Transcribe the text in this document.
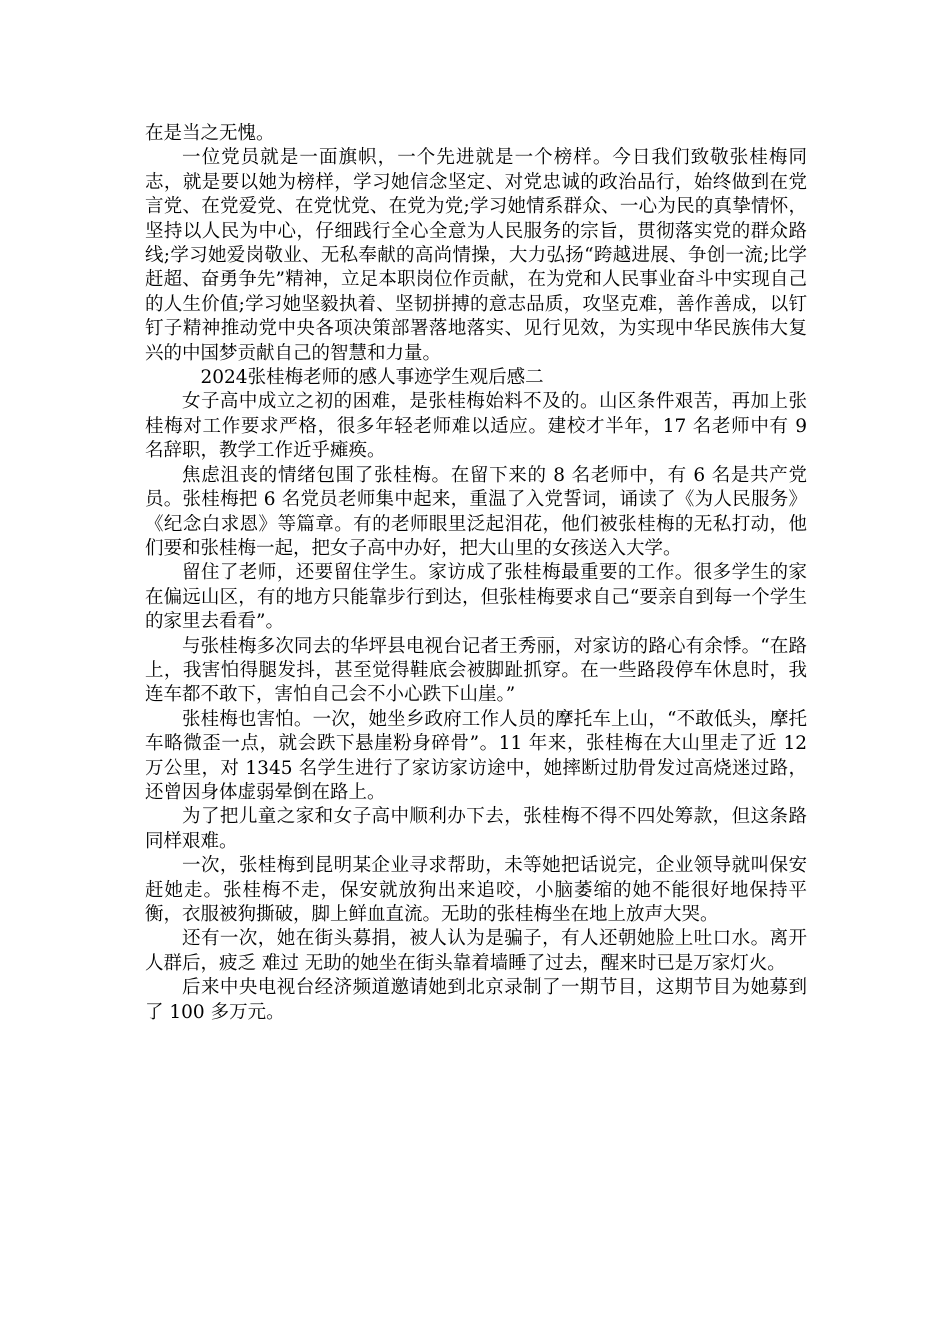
在是当之无愧。

一位党员就是一面旗帜，一个先进就是一个榜样。今日我们致敬张桂梅同志，就是要以她为榜样，学习她信念坚定、对党忠诚的政治品行，始终做到在党言党、在党爱党、在党忧党、在党为党;学习她情系群众、一心为民的真挚情怀，坚持以人民为中心，仔细践行全心全意为人民服务的宗旨，贯彻落实党的群众路线;学习她爱岗敬业、无私奉献的高尚情操，大力弘扬“跨越进展、争创一流;比学赶超、奋勇争先”精神，立足本职岗位作贡献，在为党和人民事业奋斗中实现自己的人生价值;学习她坚毅执着、坚韧拼搏的意志品质，攻坚克难，善作善成，以钉钉子精神推动党中央各项决策部署落地落实、见行见效，为实现中华民族伟大复兴的中国梦贡献自己的智慧和力量。

2024张桂梅老师的感人事迹学生观后感二

女子高中成立之初的困难，是张桂梅始料不及的。山区条件艰苦，再加上张桂梅对工作要求严格，很多年轻老师难以适应。建校才半年，17 名老师中有 9 名辞职，教学工作近乎瘫痪。

焦虑沮丧的情绪包围了张桂梅。在留下来的 8 名老师中，有 6 名是共产党员。张桂梅把 6 名党员老师集中起来，重温了入党誓词，诵读了《为人民服务》《纪念白求恩》等篇章。有的老师眼里泛起泪花，他们被张桂梅的无私打动，他们要和张桂梅一起，把女子高中办好，把大山里的女孩送入大学。

留住了老师，还要留住学生。家访成了张桂梅最重要的工作。很多学生的家在偏远山区，有的地方只能靠步行到达，但张桂梅要求自己“要亲自到每一个学生的家里去看看”。

与张桂梅多次同去的华坪县电视台记者王秀丽，对家访的路心有余悸。“在路上，我害怕得腿发抖，甚至觉得鞋底会被脚趾抓穿。在一些路段停车休息时，我连车都不敢下，害怕自己会不小心跌下山崖。”

张桂梅也害怕。一次，她坐乡政府工作人员的摩托车上山，“不敢低头，摩托车略微歪一点，就会跌下悬崖粉身碎骨”。11 年来，张桂梅在大山里走了近 12 万公里，对 1345 名学生进行了家访家访途中，她摔断过肋骨发过高烧迷过路，还曾因身体虚弱晕倒在路上。

为了把儿童之家和女子高中顺利办下去，张桂梅不得不四处筹款，但这条路同样艰难。

一次，张桂梅到昆明某企业寻求帮助，未等她把话说完，企业领导就叫保安赶她走。张桂梅不走，保安就放狗出来追咬，小脑萎缩的她不能很好地保持平衡，衣服被狗撕破，脚上鲜血直流。无助的张桂梅坐在地上放声大哭。

还有一次，她在街头募捐，被人认为是骗子，有人还朝她脸上吐口水。离开人群后，疲乏 难过 无助的她坐在街头靠着墙睡了过去，醒来时已是万家灯火。

后来中央电视台经济频道邀请她到北京录制了一期节目，这期节目为她募到了 100 多万元。
